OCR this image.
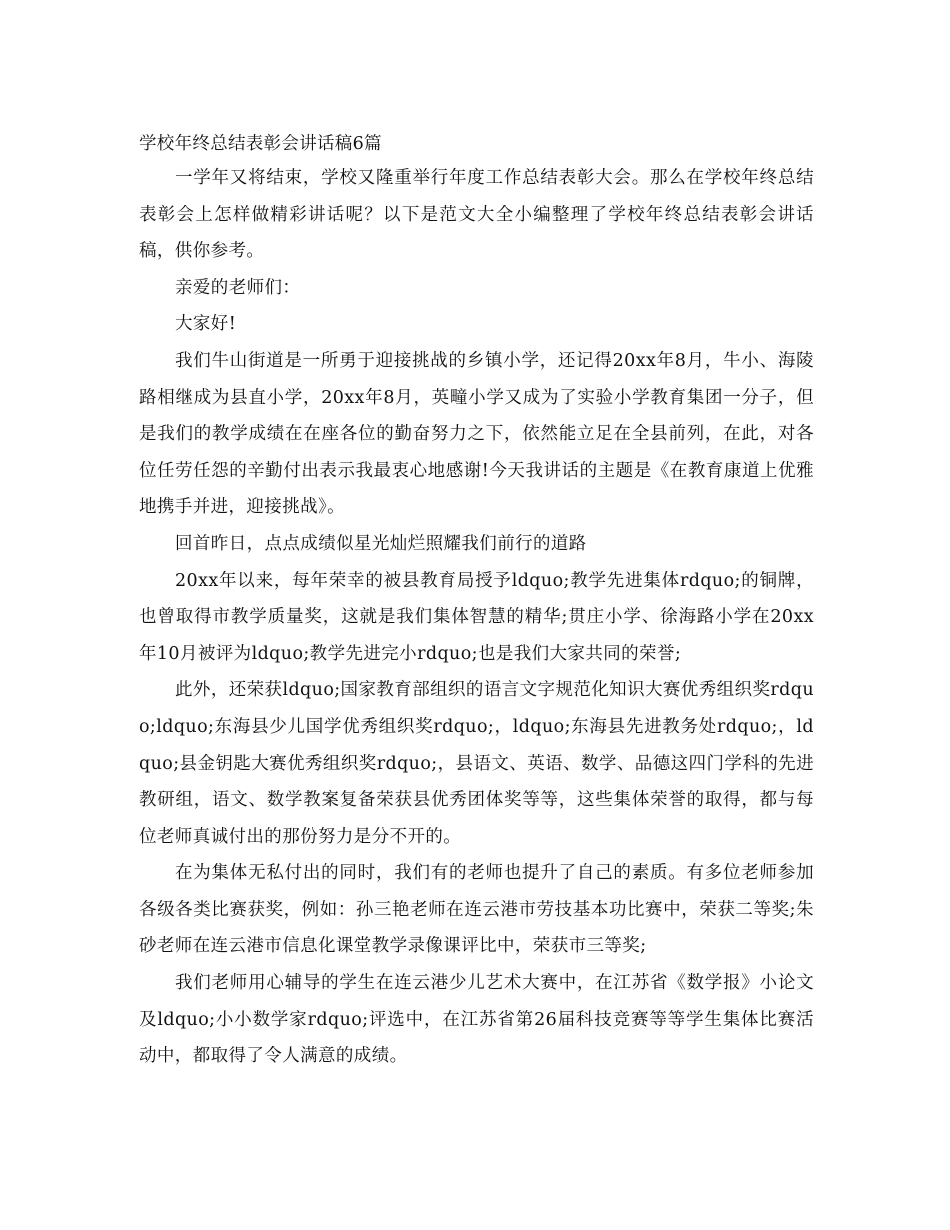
学校年终总结表彰会讲话稿6篇

一学年又将结束，学校又隆重举行年度工作总结表彰大会。那么在学校年终总结表彰会上怎样做精彩讲话呢？以下是范文大全小编整理了学校年终总结表彰会讲话稿，供你参考。

亲爱的老师们：

大家好!

我们牛山街道是一所勇于迎接挑战的乡镇小学，还记得20xx年8月，牛小、海陵路相继成为县直小学，20xx年8月，英疃小学又成为了实验小学教育集团一分子，但是我们的教学成绩在在座各位的勤奋努力之下，依然能立足在全县前列，在此，对各位任劳任怨的辛勤付出表示我最衷心地感谢!今天我讲话的主题是《在教育康道上优雅地携手并进，迎接挑战》。

回首昨日，点点成绩似星光灿烂照耀我们前行的道路

20xx年以来，每年荣幸的被县教育局授予ldquo;教学先进集体rdquo;的铜牌，也曾取得市教学质量奖，这就是我们集体智慧的精华;贯庄小学、徐海路小学在20xx年10月被评为ldquo;教学先进完小rdquo;也是我们大家共同的荣誉;

此外，还荣获ldquo;国家教育部组织的语言文字规范化知识大赛优秀组织奖rdquo;ldquo;东海县少儿国学优秀组织奖rdquo;，ldquo;东海县先进教务处rdquo;，ldquo;县金钥匙大赛优秀组织奖rdquo;，县语文、英语、数学、品德这四门学科的先进教研组，语文、数学教案复备荣获县优秀团体奖等等，这些集体荣誉的取得，都与每位老师真诚付出的那份努力是分不开的。

在为集体无私付出的同时，我们有的老师也提升了自己的素质。有多位老师参加各级各类比赛获奖，例如：孙三艳老师在连云港市劳技基本功比赛中，荣获二等奖;朱砂老师在连云港市信息化课堂教学录像课评比中，荣获市三等奖;

我们老师用心辅导的学生在连云港少儿艺术大赛中，在江苏省《数学报》小论文及ldquo;小小数学家rdquo;评选中，在江苏省第26届科技竞赛等等学生集体比赛活动中，都取得了令人满意的成绩。
